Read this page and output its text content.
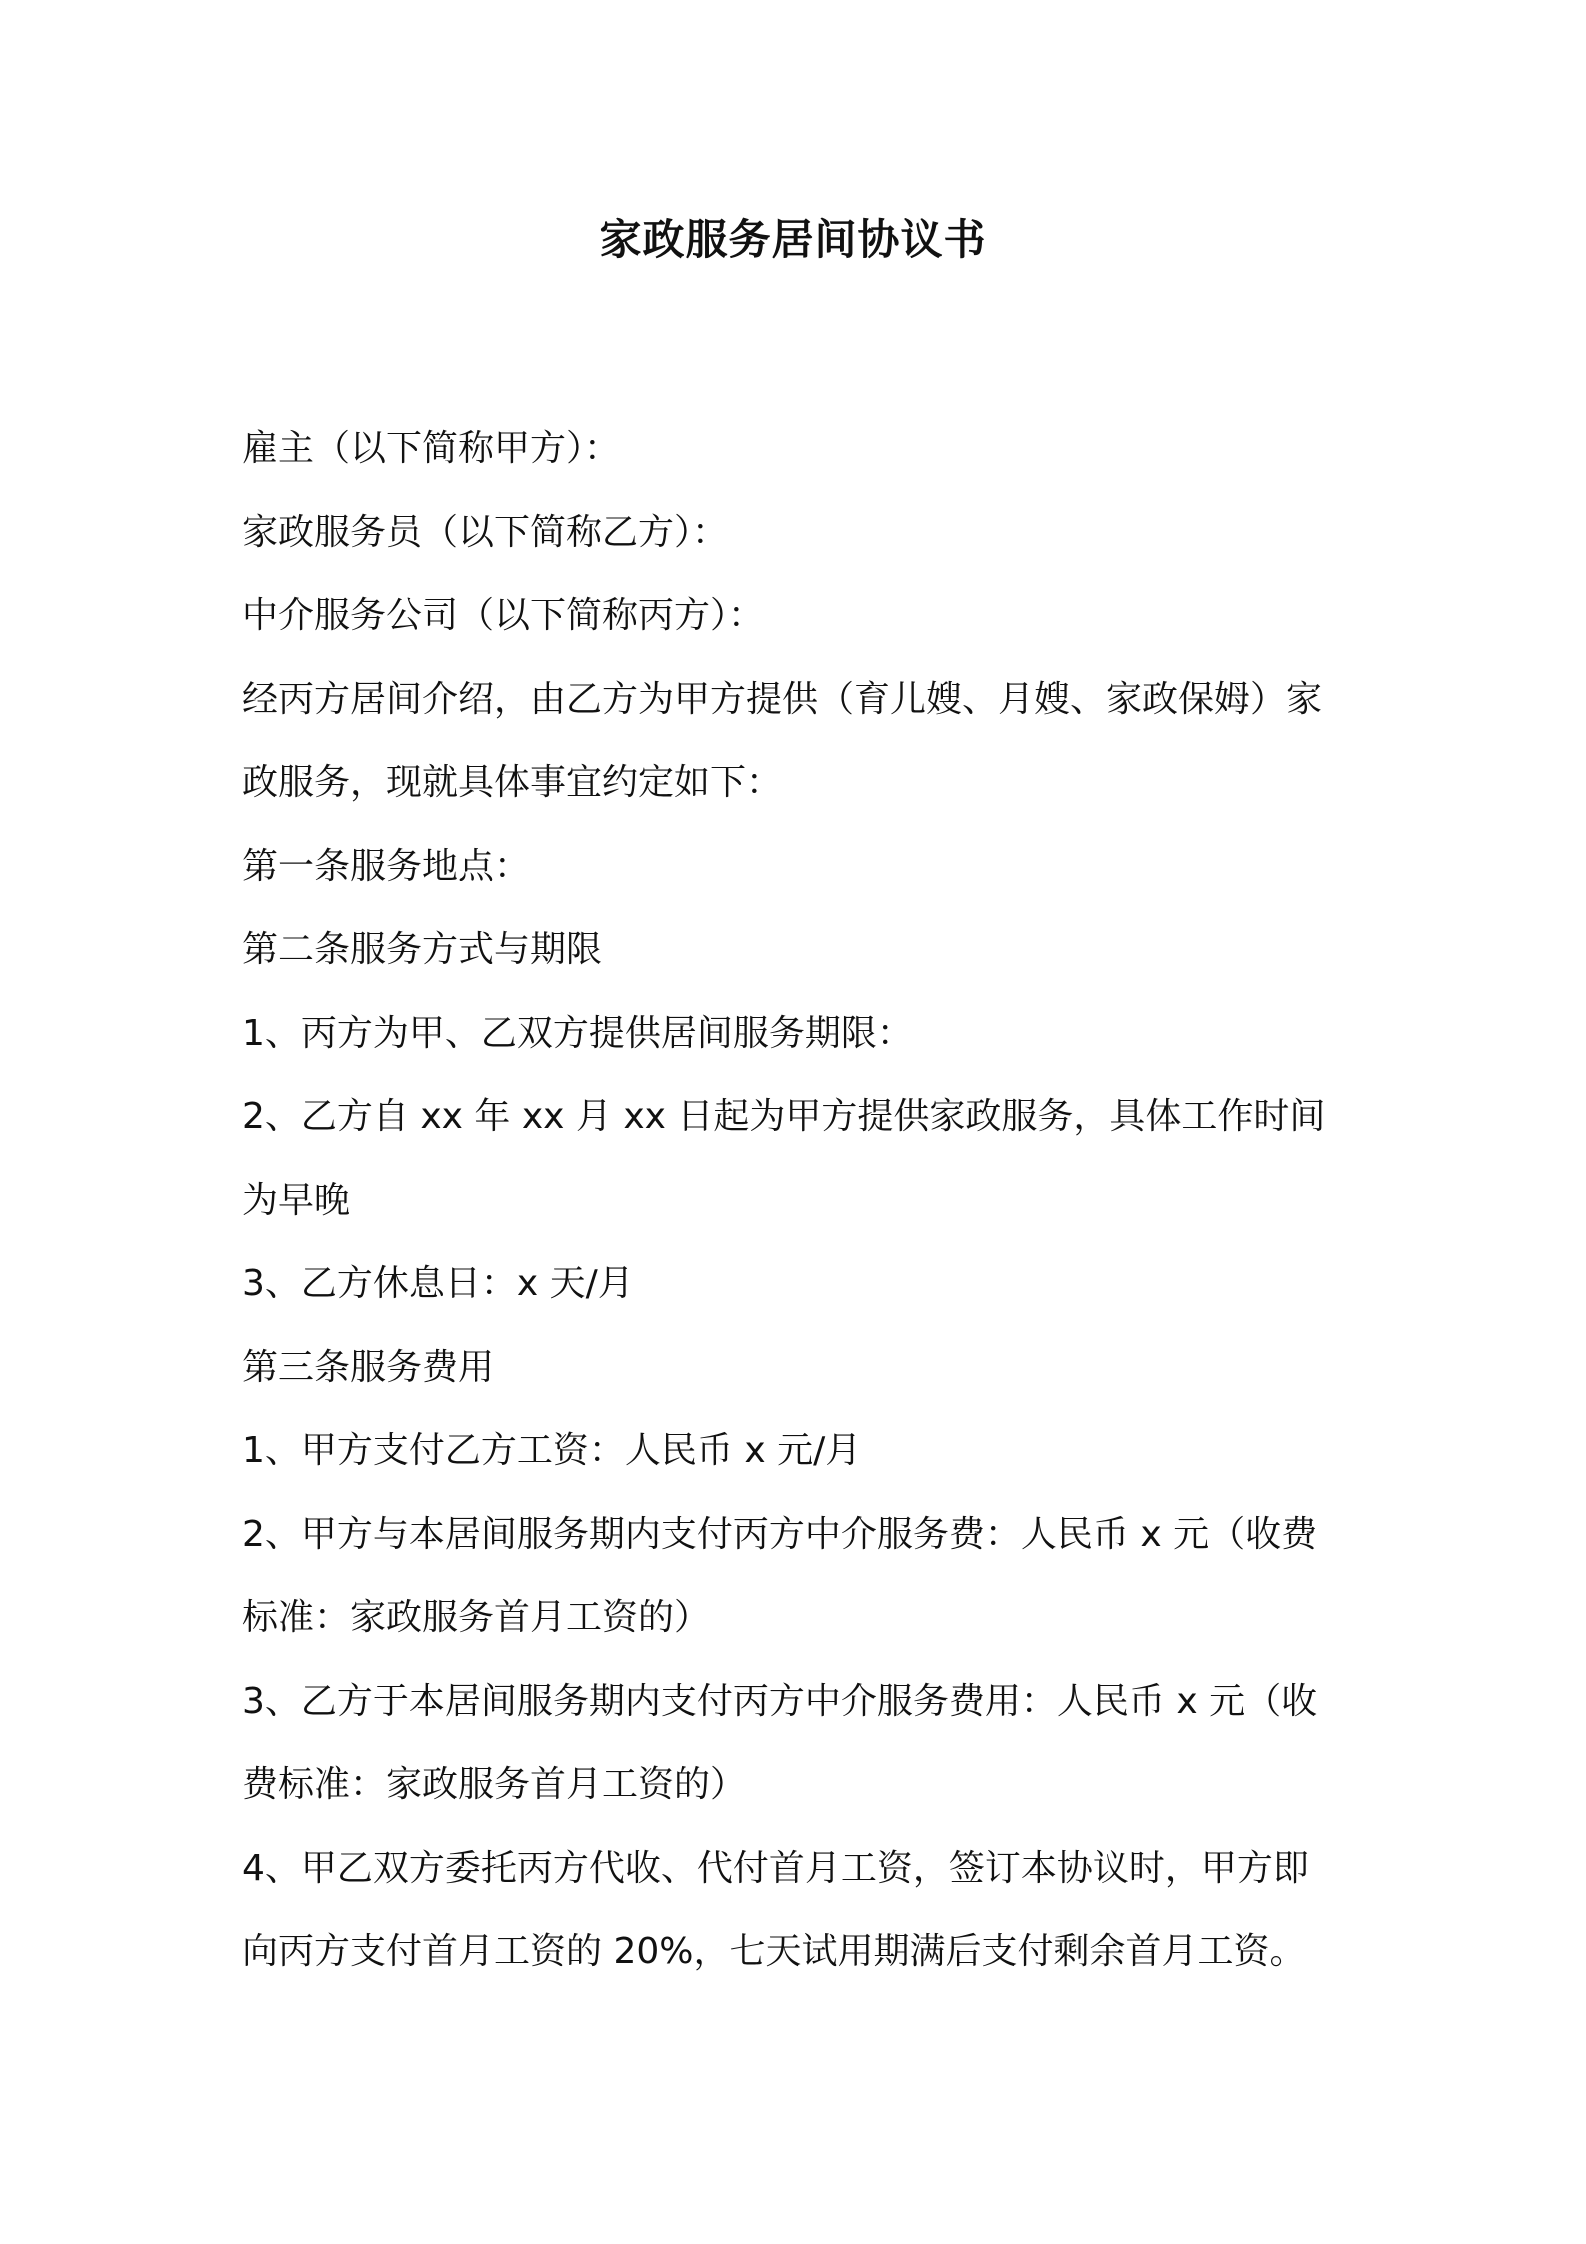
家政服务居间协议书

雇主（以下简称甲方）：

家政服务员（以下简称乙方）：

中介服务公司（以下简称丙方）：

经丙方居间介绍，由乙方为甲方提供（育儿嫂、月嫂、家政保姆）家

政服务，现就具体事宜约定如下：

第一条服务地点：

第二条服务方式与期限

1、丙方为甲、乙双方提供居间服务期限：

2、乙方自 xx 年 xx 月 xx 日起为甲方提供家政服务，具体工作时间

为早晚

3、乙方休息日：x 天/月

第三条服务费用

1、甲方支付乙方工资：人民币 x 元/月

2、甲方与本居间服务期内支付丙方中介服务费：人民币 x 元（收费

标准：家政服务首月工资的）

3、乙方于本居间服务期内支付丙方中介服务费用：人民币 x 元（收

费标准：家政服务首月工资的）

4、甲乙双方委托丙方代收、代付首月工资，签订本协议时，甲方即

向丙方支付首月工资的 20%，七天试用期满后支付剩余首月工资。
